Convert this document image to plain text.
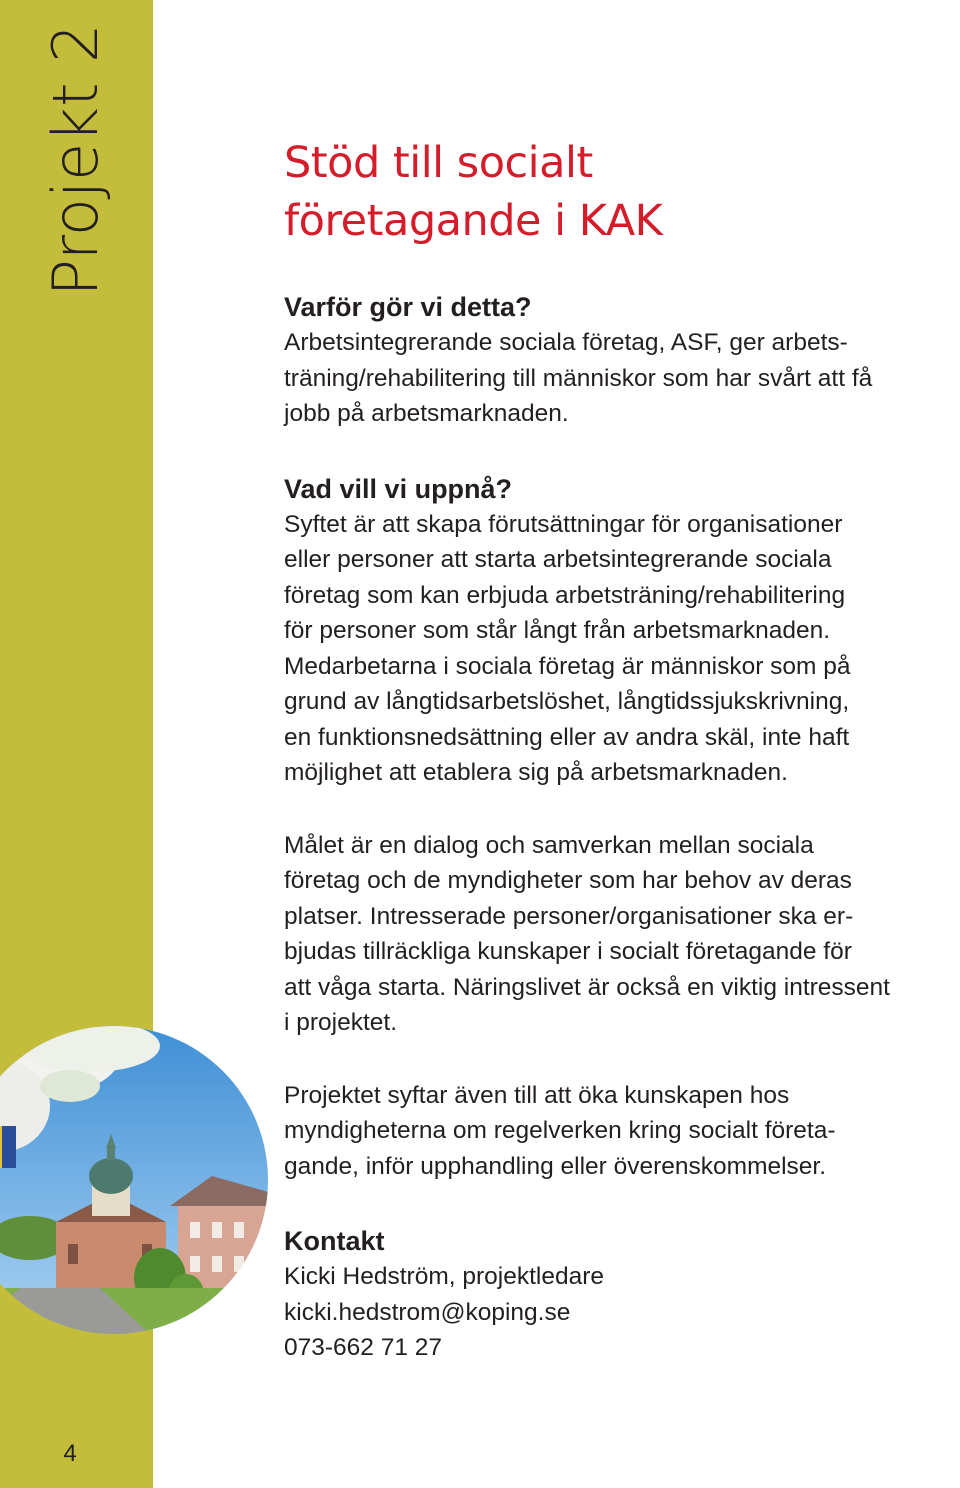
Projekt 2
4
Stöd till socialt
företagande i KAK
Varför gör vi detta?

Arbetsintegrerande sociala företag, ASF, ger arbets-
träning/rehabilitering till människor som har svårt att få
jobb på arbetsmarknaden.

Vad vill vi uppnå?

Syftet är att skapa förutsättningar för organisationer
eller personer att starta arbetsintegrerande sociala
företag som kan erbjuda arbetsträning/rehabilitering
för personer som står långt från arbetsmarknaden.
Medarbetarna i sociala företag är människor som på
grund av långtidsarbetslöshet, långtidssjukskrivning,
en funktionsnedsättning eller av andra skäl, inte haft
möjlighet att etablera sig på arbetsmarknaden.

Målet är en dialog och samverkan mellan sociala
företag och de myndigheter som har behov av deras
platser. Intresserade personer/organisationer ska er-
bjudas tillräckliga kunskaper i socialt företagande för
att våga starta. Näringslivet är också en viktig intressent
i projektet.

Projektet syftar även till att öka kunskapen hos
myndigheterna om regelverken kring socialt företa-
gande, inför upphandling eller överenskommelser.

Kontakt

Kicki Hedström, projektledare
kicki.hedstrom@koping.se
073-662 71 27
